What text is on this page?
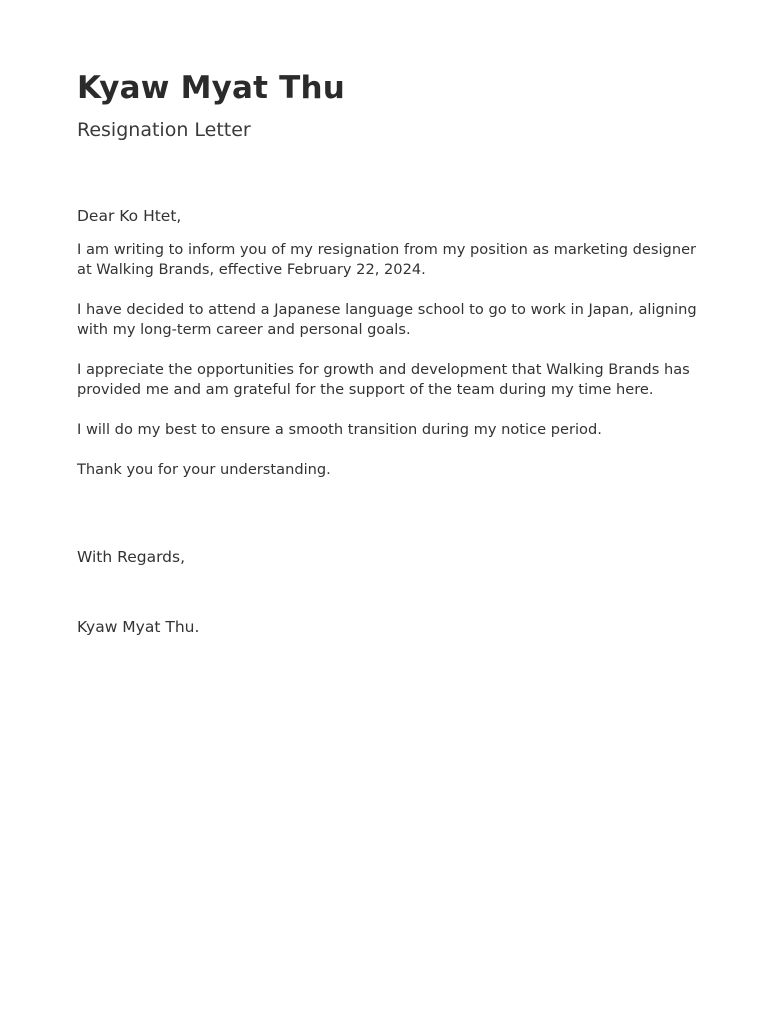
Kyaw Myat Thu
Resignation Letter

Dear Ko Htet,

I am writing to inform you of my resignation from my position as marketing designer at Walking Brands, effective February 22, 2024.

I have decided to attend a Japanese language school to go to work in Japan, aligning with my long-term career and personal goals.

I appreciate the opportunities for growth and development that Walking Brands has provided me and am grateful for the support of the team during my time here.

I will do my best to ensure a smooth transition during my notice period.

Thank you for your understanding.

With Regards,

Kyaw Myat Thu.
